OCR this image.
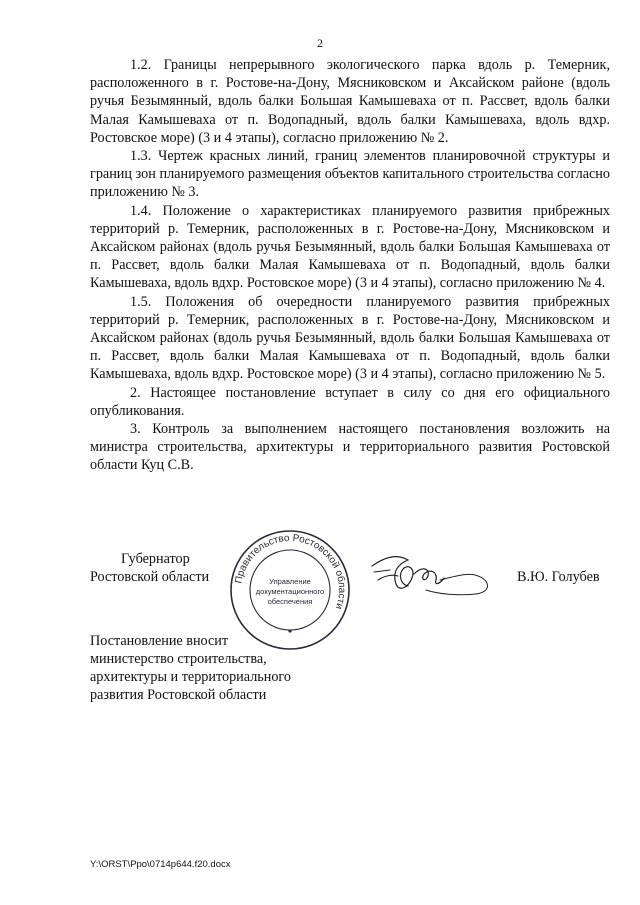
2

1.2. Границы непрерывного экологического парка вдоль р. Темерник, расположенного в г. Ростове-на-Дону, Мясниковском и Аксайском районе (вдоль ручья Безымянный, вдоль балки Большая Камышеваха от п. Рассвет, вдоль балки Малая Камышеваха от п. Водопадный, вдоль балки Камышеваха, вдоль вдхр. Ростовское море) (3 и 4 этапы), согласно приложению № 2.

1.3. Чертеж красных линий, границ элементов планировочной структуры и границ зон планируемого размещения объектов капитального строительства согласно приложению № 3.

1.4. Положение о характеристиках планируемого развития прибрежных территорий р. Темерник, расположенных в г. Ростове-на-Дону, Мясниковском и Аксайском районах (вдоль ручья Безымянный, вдоль балки Большая Камышеваха от п. Рассвет, вдоль балки Малая Камышеваха от п. Водопадный, вдоль балки Камышеваха, вдоль вдхр. Ростовское море) (3 и 4 этапы), согласно приложению № 4.

1.5. Положения об очередности планируемого развития прибрежных территорий р. Темерник, расположенных в г. Ростове-на-Дону, Мясниковском и Аксайском районах (вдоль ручья Безымянный, вдоль балки Большая Камышеваха от п. Рассвет, вдоль балки Малая Камышеваха от п. Водопадный, вдоль балки Камышеваха, вдоль вдхр. Ростовское море) (3 и 4 этапы), согласно приложению № 5.

2. Настоящее постановление вступает в силу со дня его официального опубликования.

3. Контроль за выполнением настоящего постановления возложить на министра строительства, архитектуры и территориального развития Ростовской области Куц С.В.

Губернатор
Ростовской области Правительство Ростовской области
Управление
документационного
обеспечения
В.Ю. Голубев
Постановление вносит
министерство строительства,
архитектуры и территориального
развития Ростовской области
Y:\ORST\Ppo\0714p644.f20.docx
